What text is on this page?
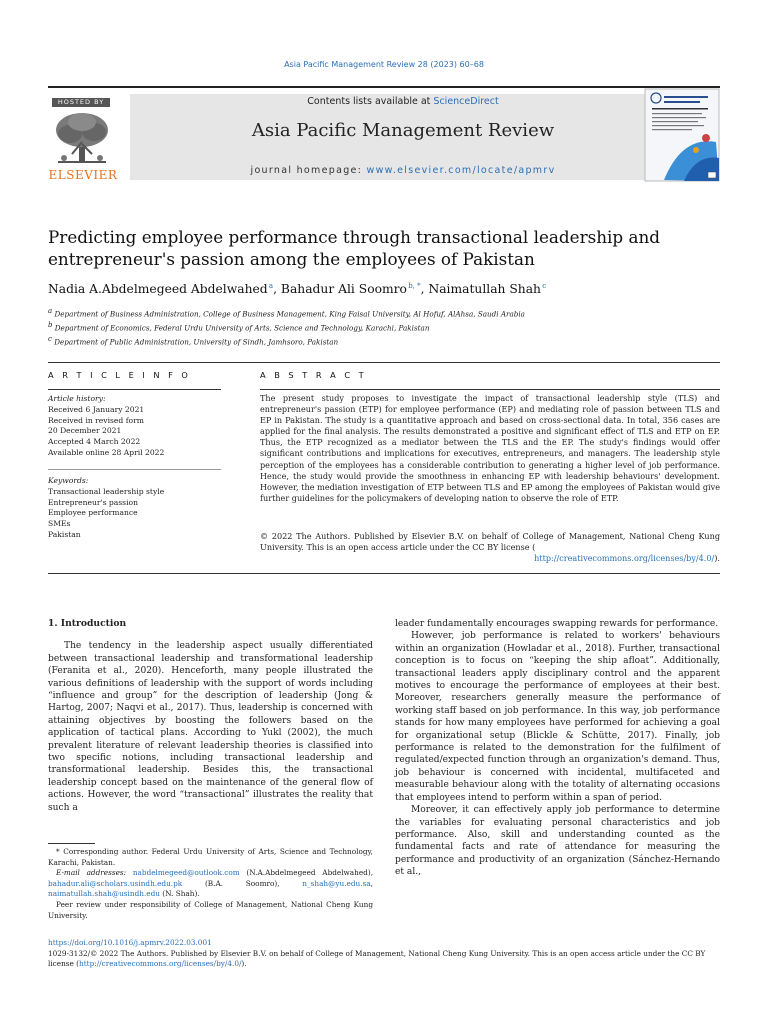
Asia Pacific Management Review 28 (2023) 60–68
HOSTED BY
ELSEVIER
Contents lists available at ScienceDirect
Asia Pacific Management Review
journal homepage: www.elsevier.com/locate/apmrv
Predicting employee performance through transactional leadership and entrepreneur's passion among the employees of Pakistan
Nadia A.Abdelmegeed Abdelwahed $^a$, Bahadur Ali Soomro $^{b, *}$, Naimatullah Shah $^c$
$^a$ Department of Business Administration, College of Business Management, King Faisal University, Al Hofuf, AlAhsa, Saudi Arabia
$^b$ Department of Economics, Federal Urdu University of Arts, Science and Technology, Karachi, Pakistan
$^c$ Department of Public Administration, University of Sindh, Jamhsoro, Pakistan
A R T I C L E I N F O	A B S T R A C T
Article history:
Received 6 January 2021
Received in revised form
20 December 2021
Accepted 4 March 2022
Available online 28 April 2022
Keywords:
Transactional leadership style
Entrepreneur's passion
Employee performance
SMEs
Pakistan
The present study proposes to investigate the impact of transactional leadership style (TLS) and entrepreneur's passion (ETP) for employee performance (EP) and mediating role of passion between TLS and EP in Pakistan. The study is a quantitative approach and based on cross-sectional data. In total, 356 cases are applied for the final analysis. The results demonstrated a positive and significant effect of TLS and ETP on EP. Thus, the ETP recognized as a mediator between the TLS and the EP. The study's findings would offer significant contributions and implications for executives, entrepreneurs, and managers. The leadership style perception of the employees has a considerable contribution to generating a higher level of job performance. Hence, the study would provide the smoothness in enhancing EP with leadership behaviours' development. However, the mediation investigation of ETP between TLS and EP among the employees of Pakistan would give further guidelines for the policymakers of developing nation to observe the role of ETP.
© 2022 The Authors. Published by Elsevier B.V. on behalf of College of Management, National Cheng Kung University. This is an open access article under the CC BY license (
http://creativecommons.org/licenses/by/4.0/).
1. Introduction

The tendency in the leadership aspect usually differentiated between transactional leadership and transformational leadership (Feranita et al., 2020). Henceforth, many people illustrated the various definitions of leadership with the support of words including “influence and group” for the description of leadership (Jong & Hartog, 2007; Naqvi et al., 2017). Thus, leadership is concerned with attaining objectives by boosting the followers based on the application of tactical plans. According to Yukl (2002), the much prevalent literature of relevant leadership theories is classified into two specific notions, including transactional leadership and transformational leadership. Besides this, the transactional leadership concept based on the maintenance of the general flow of actions. However, the word “transactional” illustrates the reality that such a

leader fundamentally encourages swapping rewards for performance.

However, job performance is related to workers' behaviours within an organization (Howladar et al., 2018). Further, transactional conception is to focus on “keeping the ship afloat”. Additionally, transactional leaders apply disciplinary control and the apparent motives to encourage the performance of employees at their best. Moreover, researchers generally measure the performance of working staff based on job performance. In this way, job performance stands for how many employees have performed for achieving a goal for organizational setup (Blickle & Schütte, 2017). Finally, job performance is related to the demonstration for the fulfilment of regulated/expected function through an organization's demand. Thus, job behaviour is concerned with incidental, multifaceted and measurable behaviour along with the totality of alternating occasions that employees intend to perform within a span of period.

Moreover, it can effectively apply job performance to determine the variables for evaluating personal characteristics and job performance. Also, skill and understanding counted as the fundamental facts and rate of attendance for measuring the performance and productivity of an organization (Sánchez-Hernando et al.,

* Corresponding author. Federal Urdu University of Arts, Science and Technology, Karachi, Pakistan.
E-mail addresses: nabdelmegeed@outlook.com (N.A.Abdelmegeed Abdelwahed), bahadur.ali@scholars.usindh.edu.pk	(B.A. Soomro),	n_shah@yu.edu.sa, naimatullah.shah@usindh.edu (N. Shah).
Peer review under responsibility of College of Management, National Cheng Kung University.
https://doi.org/10.1016/j.apmrv.2022.03.001
1029-3132/© 2022 The Authors. Published by Elsevier B.V. on behalf of College of Management, National Cheng Kung University. This is an open access article under the CC BY license (http://creativecommons.org/licenses/by/4.0/).
